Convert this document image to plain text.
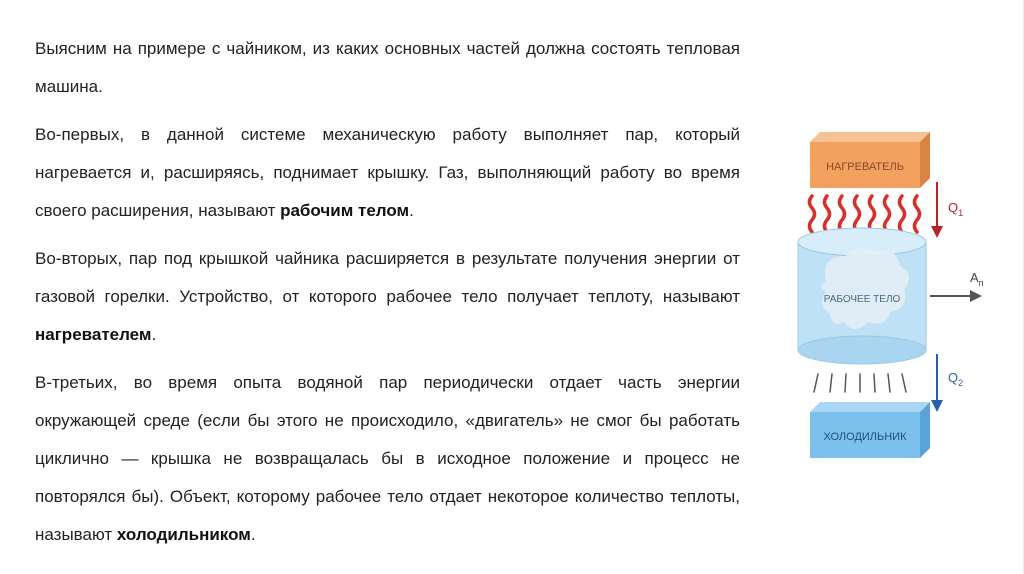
Выясним на примере с чайником, из каких основных частей должна состоять тепловая машина.

Во-первых, в данной системе механическую работу выполняет пар, который нагревается и, расширяясь, поднимает крышку. Газ, выполняющий работу во время своего расширения, называют рабочим телом.

Во-вторых, пар под крышкой чайника расширяется в результате получения энергии от газовой горелки. Устройство, от которого рабочее тело получает теплоту, называют нагревателем.

В-третьих, во время опыта водяной пар периодически отдает часть энергии окружающей среде (если бы этого не происходило, «двигатель» не смог бы работать циклично — крышка не возвращалась бы в исходное положение и процесс не повторялся бы). Объект, которому рабочее тело отдает некоторое количество теплоты, называют холодильником.

НАГРЕВАТЕЛЬ
$Q_1$
РАБОЧЕЕ ТЕЛО
$A_п$
$Q_2$
ХОЛОДИЛЬНИК
